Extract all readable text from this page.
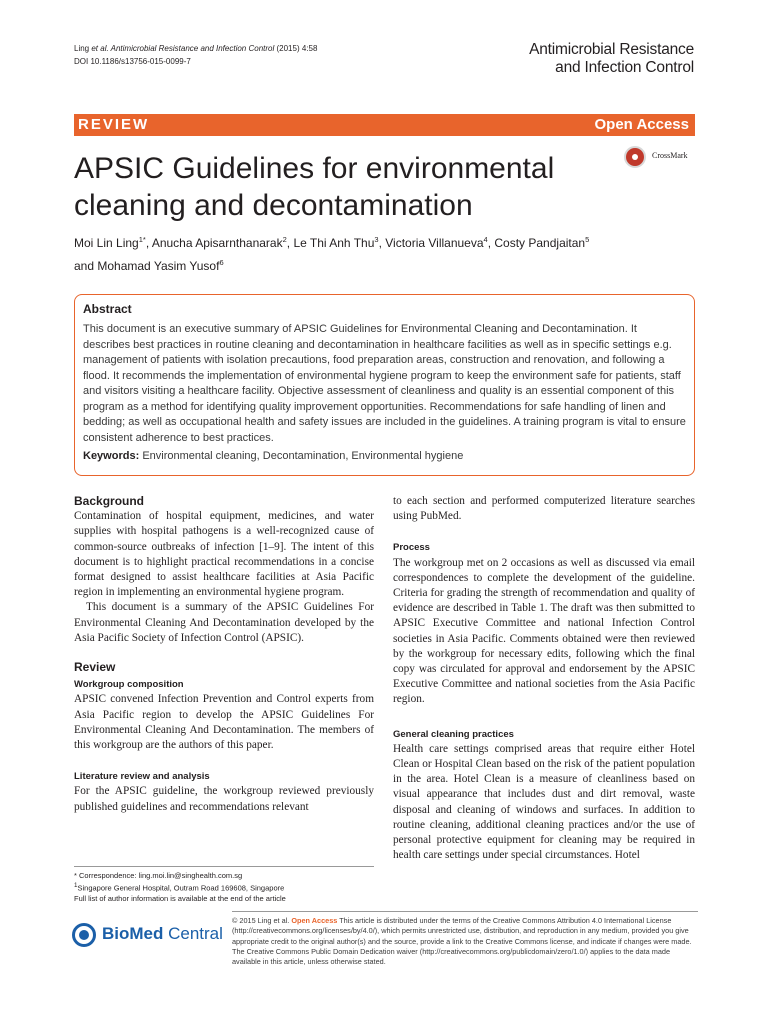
Ling et al. Antimicrobial Resistance and Infection Control (2015) 4:58
DOI 10.1186/s13756-015-0099-7
Antimicrobial Resistance
and Infection Control
REVIEW	Open Access
APSIC Guidelines for environmental cleaning and decontamination
CrossMark
Moi Lin Ling$^{1*}$, Anucha Apisarnthanarak$^2$, Le Thi Anh Thu$^3$, Victoria Villanueva$^4$, Costy Pandjaitan$^5$
and Mohamad Yasim Yusof$^6$
Abstract
This document is an executive summary of APSIC Guidelines for Environmental Cleaning and Decontamination. It describes best practices in routine cleaning and decontamination in healthcare facilities as well as in specific settings e.g. management of patients with isolation precautions, food preparation areas, construction and renovation, and following a flood. It recommends the implementation of environmental hygiene program to keep the environment safe for patients, staff and visitors visiting a healthcare facility. Objective assessment of cleanliness and quality is an essential component of this program as a method for identifying quality improvement opportunities. Recommendations for safe handling of linen and bedding; as well as occupational health and safety issues are included in the guidelines. A training program is vital to ensure consistent adherence to best practices.
Keywords: Environmental cleaning, Decontamination, Environmental hygiene
Background

Contamination of hospital equipment, medicines, and water supplies with hospital pathogens is a well-recognized cause of common-source outbreaks of infection [1–9]. The intent of this document is to highlight practical recommendations in a concise format designed to assist healthcare facilities at Asia Pacific region in implementing an environmental hygiene program.

This document is a summary of the APSIC Guidelines For Environmental Cleaning And Decontamination developed by the Asia Pacific Society of Infection Control (APSIC).

Review
Workgroup composition

APSIC convened Infection Prevention and Control experts from Asia Pacific region to develop the APSIC Guidelines For Environmental Cleaning And Decontamination. The members of this workgroup are the authors of this paper.

Literature review and analysis

For the APSIC guideline, the workgroup reviewed previously published guidelines and recommendations relevant

* Correspondence: ling.moi.lin@singhealth.com.sg
$^1$Singapore General Hospital, Outram Road 169608, Singapore
Full list of author information is available at the end of the article

to each section and performed computerized literature searches using PubMed.

Process

The workgroup met on 2 occasions as well as discussed via email correspondences to complete the development of the guideline. Criteria for grading the strength of recommendation and quality of evidence are described in Table 1. The draft was then submitted to APSIC Executive Committee and national Infection Control societies in Asia Pacific. Comments obtained were then reviewed by the workgroup for necessary edits, following which the final copy was circulated for approval and endorsement by the APSIC Executive Committee and national societies from the Asia Pacific region.

General cleaning practices

Health care settings comprised areas that require either Hotel Clean or Hospital Clean based on the risk of the patient population in the area. Hotel Clean is a measure of cleanliness based on visual appearance that includes dust and dirt removal, waste disposal and cleaning of windows and surfaces. In addition to routine cleaning, additional cleaning practices and/or the use of personal protective equipment for cleaning may be required in health care settings under special circumstances. Hotel

BioMed Central
© 2015 Ling et al. Open Access This article is distributed under the terms of the Creative Commons Attribution 4.0 International License (http://creativecommons.org/licenses/by/4.0/), which permits unrestricted use, distribution, and reproduction in any medium, provided you give appropriate credit to the original author(s) and the source, provide a link to the Creative Commons license, and indicate if changes were made. The Creative Commons Public Domain Dedication waiver (http://creativecommons.org/publicdomain/zero/1.0/) applies to the data made available in this article, unless otherwise stated.
